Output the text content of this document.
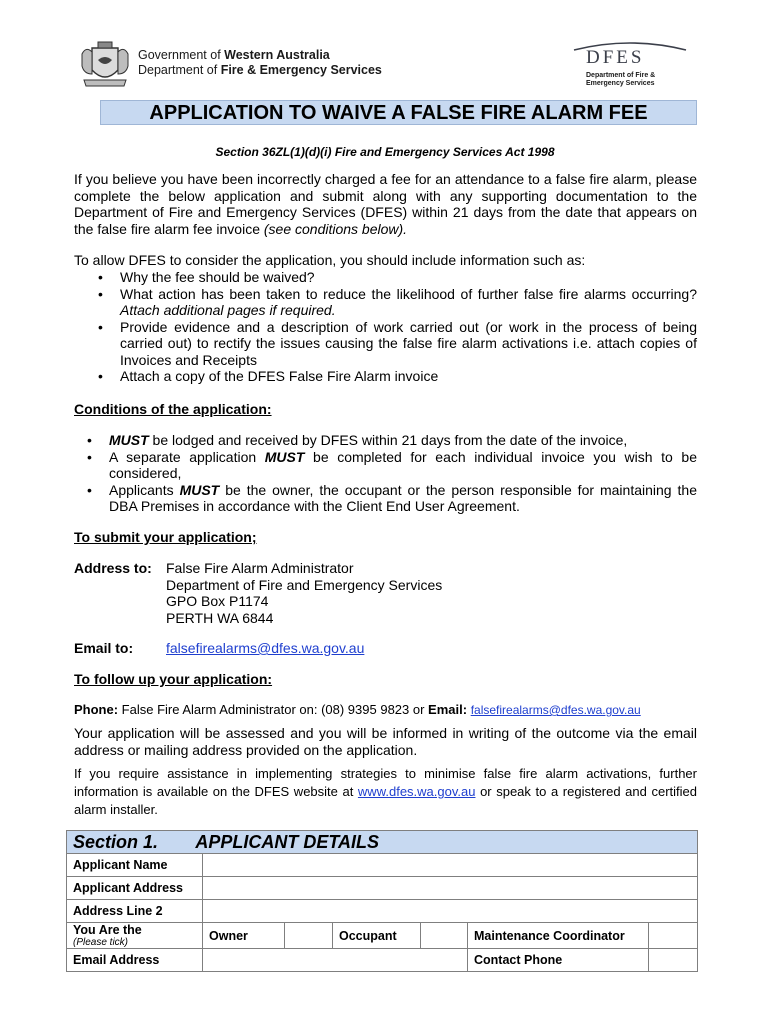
Government of Western Australia
Department of Fire & Emergency Services
DFES
Department of Fire &
Emergency Services
APPLICATION TO WAIVE A FALSE FIRE ALARM FEE
Section 36ZL(1)(d)(i) Fire and Emergency Services Act 1998
If you believe you have been incorrectly charged a fee for an attendance to a false fire alarm, please complete the below application and submit along with any supporting documentation to the Department of Fire and Emergency Services (DFES) within 21 days from the date that appears on the false fire alarm fee invoice (see conditions below).
To allow DFES to consider the application, you should include information such as:
• Why the fee should be waived?
• What action has been taken to reduce the likelihood of further false fire alarms occurring? Attach additional pages if required.
• Provide evidence and a description of work carried out (or work in the process of being carried out) to rectify the issues causing the false fire alarm activations i.e. attach copies of Invoices and Receipts
• Attach a copy of the DFES False Fire Alarm invoice
Conditions of the application:
• MUST be lodged and received by DFES within 21 days from the date of the invoice,
• A separate application MUST be completed for each individual invoice you wish to be considered,
• Applicants MUST be the owner, the occupant or the person responsible for maintaining the DBA Premises in accordance with the Client End User Agreement.
To submit your application;
Address to: False Fire Alarm Administrator
Department of Fire and Emergency Services
GPO Box P1174
PERTH WA 6844
Email to: falsefirealarms@dfes.wa.gov.au
To follow up your application:
Phone: False Fire Alarm Administrator on: (08) 9395 9823 or Email: falsefirealarms@dfes.wa.gov.au
Your application will be assessed and you will be informed in writing of the outcome via the email address or mailing address provided on the application.
If you require assistance in implementing strategies to minimise false fire alarm activations, further information is available on the DFES website at www.dfes.wa.gov.au or speak to a registered and certified alarm installer.
Section 1. APPLICANT DETAILS						
Applicant Name						
Applicant Address						
Address Line 2						

You Are the
(Please tick)	Owner		Occupant		Maintenance Coordinator	
Email Address					Contact Phone	
